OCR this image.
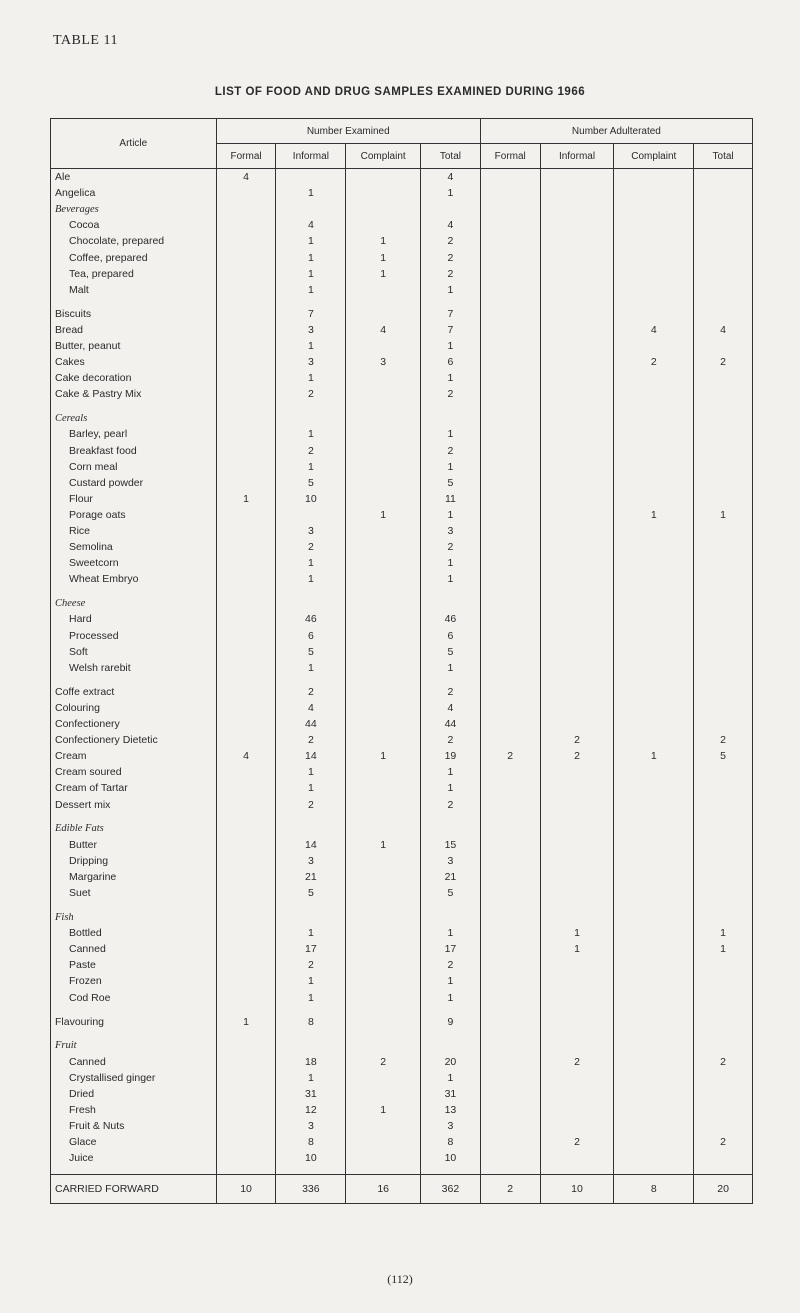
TABLE 11
LIST OF FOOD AND DRUG SAMPLES EXAMINED DURING 1966
Article	Number Examined				Number Adulterated			
	Formal	Informal	Complaint	Total	Formal	Informal	Complaint	Total
Ale	4			4				
Angelica		1		1				
Beverages								
Cocoa		4		4				
Chocolate, prepared		1	1	2				
Coffee, prepared		1	1	2				
Tea, prepared		1	1	2				
Malt		1		1				

Biscuits		7		7				
Bread		3	4	7			4	4
Butter, peanut		1		1				
Cakes		3	3	6			2	2
Cake decoration		1		1				
Cake & Pastry Mix		2		2				

Cereals								
Barley, pearl		1		1				
Breakfast food		2		2				
Corn meal		1		1				
Custard powder		5		5				
Flour	1	10		11				
Porage oats			1	1			1	1
Rice		3		3				
Semolina		2		2				
Sweetcorn		1		1				
Wheat Embryo		1		1				

Cheese								
Hard		46		46				
Processed		6		6				
Soft		5		5				
Welsh rarebit		1		1				

Coffe extract		2		2				
Colouring		4		4				
Confectionery		44		44				
Confectionery Dietetic		2		2		2		2
Cream	4	14	1	19	2	2	1	5
Cream soured		1		1				
Cream of Tartar		1		1				
Dessert mix		2		2				

Edible Fats								
Butter		14	1	15				
Dripping		3		3				
Margarine		21		21				
Suet		5		5				

Fish								
Bottled		1		1		1		1
Canned		17		17		1		1
Paste		2		2				
Frozen		1		1				
Cod Roe		1		1				

Flavouring	1	8		9				

Fruit								
Canned		18	2	20		2		2
Crystallised ginger		1		1				
Dried		31		31				
Fresh		12	1	13				
Fruit & Nuts		3		3				
Glace		8		8		2		2
Juice		10		10				

CARRIED FORWARD	10	336	16	362	2	10	8	20
(112)
